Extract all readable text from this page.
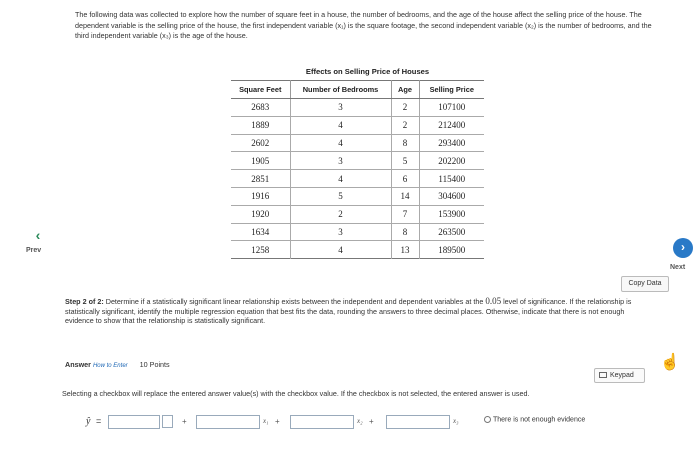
The following data was collected to explore how the number of square feet in a house, the number of bedrooms, and the age of the house affect the selling price of the house. The dependent variable is the selling price of the house, the first independent variable (x₁) is the square footage, the second independent variable (x₂) is the number of bedrooms, and the third independent variable (x₃) is the age of the house.
Effects on Selling Price of Houses
Square Feet	Number of Bedrooms	Age	Selling Price
2683	3	2	107100
1889	4	2	212400
2602	4	8	293400
1905	3	5	202200
2851	4	6	115400
1916	5	14	304600
1920	2	7	153900
1634	3	8	263500
1258	4	13	189500
‹
Prev	›
Next
Copy Data
Step 2 of 2: Determine if a statistically significant linear relationship exists between the independent and dependent variables at the 0.05 level of significance. If the relationship is statistically significant, identify the multiple regression equation that best fits the data, rounding the answers to three decimal places. Otherwise, indicate that there is not enough evidence to show that the relationship is statistically significant.
Answer How to Enter 10 Points
Keypad
☝
Selecting a checkbox will replace the entered answer value(s) with the checkbox value. If the checkbox is not selected, the entered answer is used.
ŷ =	+	x₁ +	x₂ +	x₃	There is not enough evidence
